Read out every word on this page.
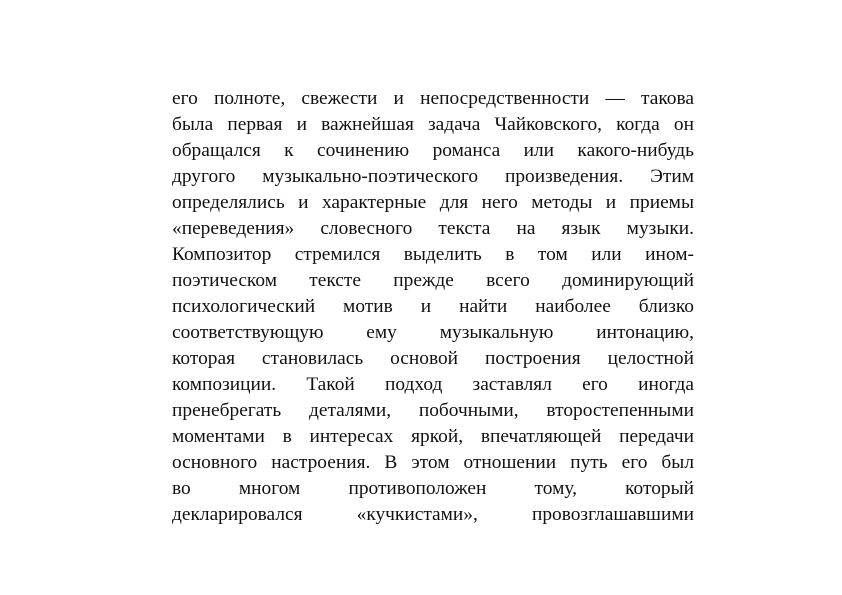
его полноте, свежести и непосредственности — такова
была первая и важнейшая задача Чайковского, когда он
обращался к сочинению романса или какого-нибудь
другого музыкально-поэтического произведения. Этим
определялись и характерные для него методы и приемы
«переведения» словесного текста на язык музыки.
Композитор стремился выделить в том или ином-
поэтическом тексте прежде всего доминирующий
психологический мотив и найти наиболее близко
соответствующую ему музыкальную интонацию,
которая становилась основой построения целостной
композиции. Такой подход заставлял его иногда
пренебрегать деталями, побочными, второстепенными
моментами в интересах яркой, впечатляющей передачи
основного настроения. В этом отношении путь его был
во многом противоположен тому, который
декларировался «кучкистами», провозглашавшими
